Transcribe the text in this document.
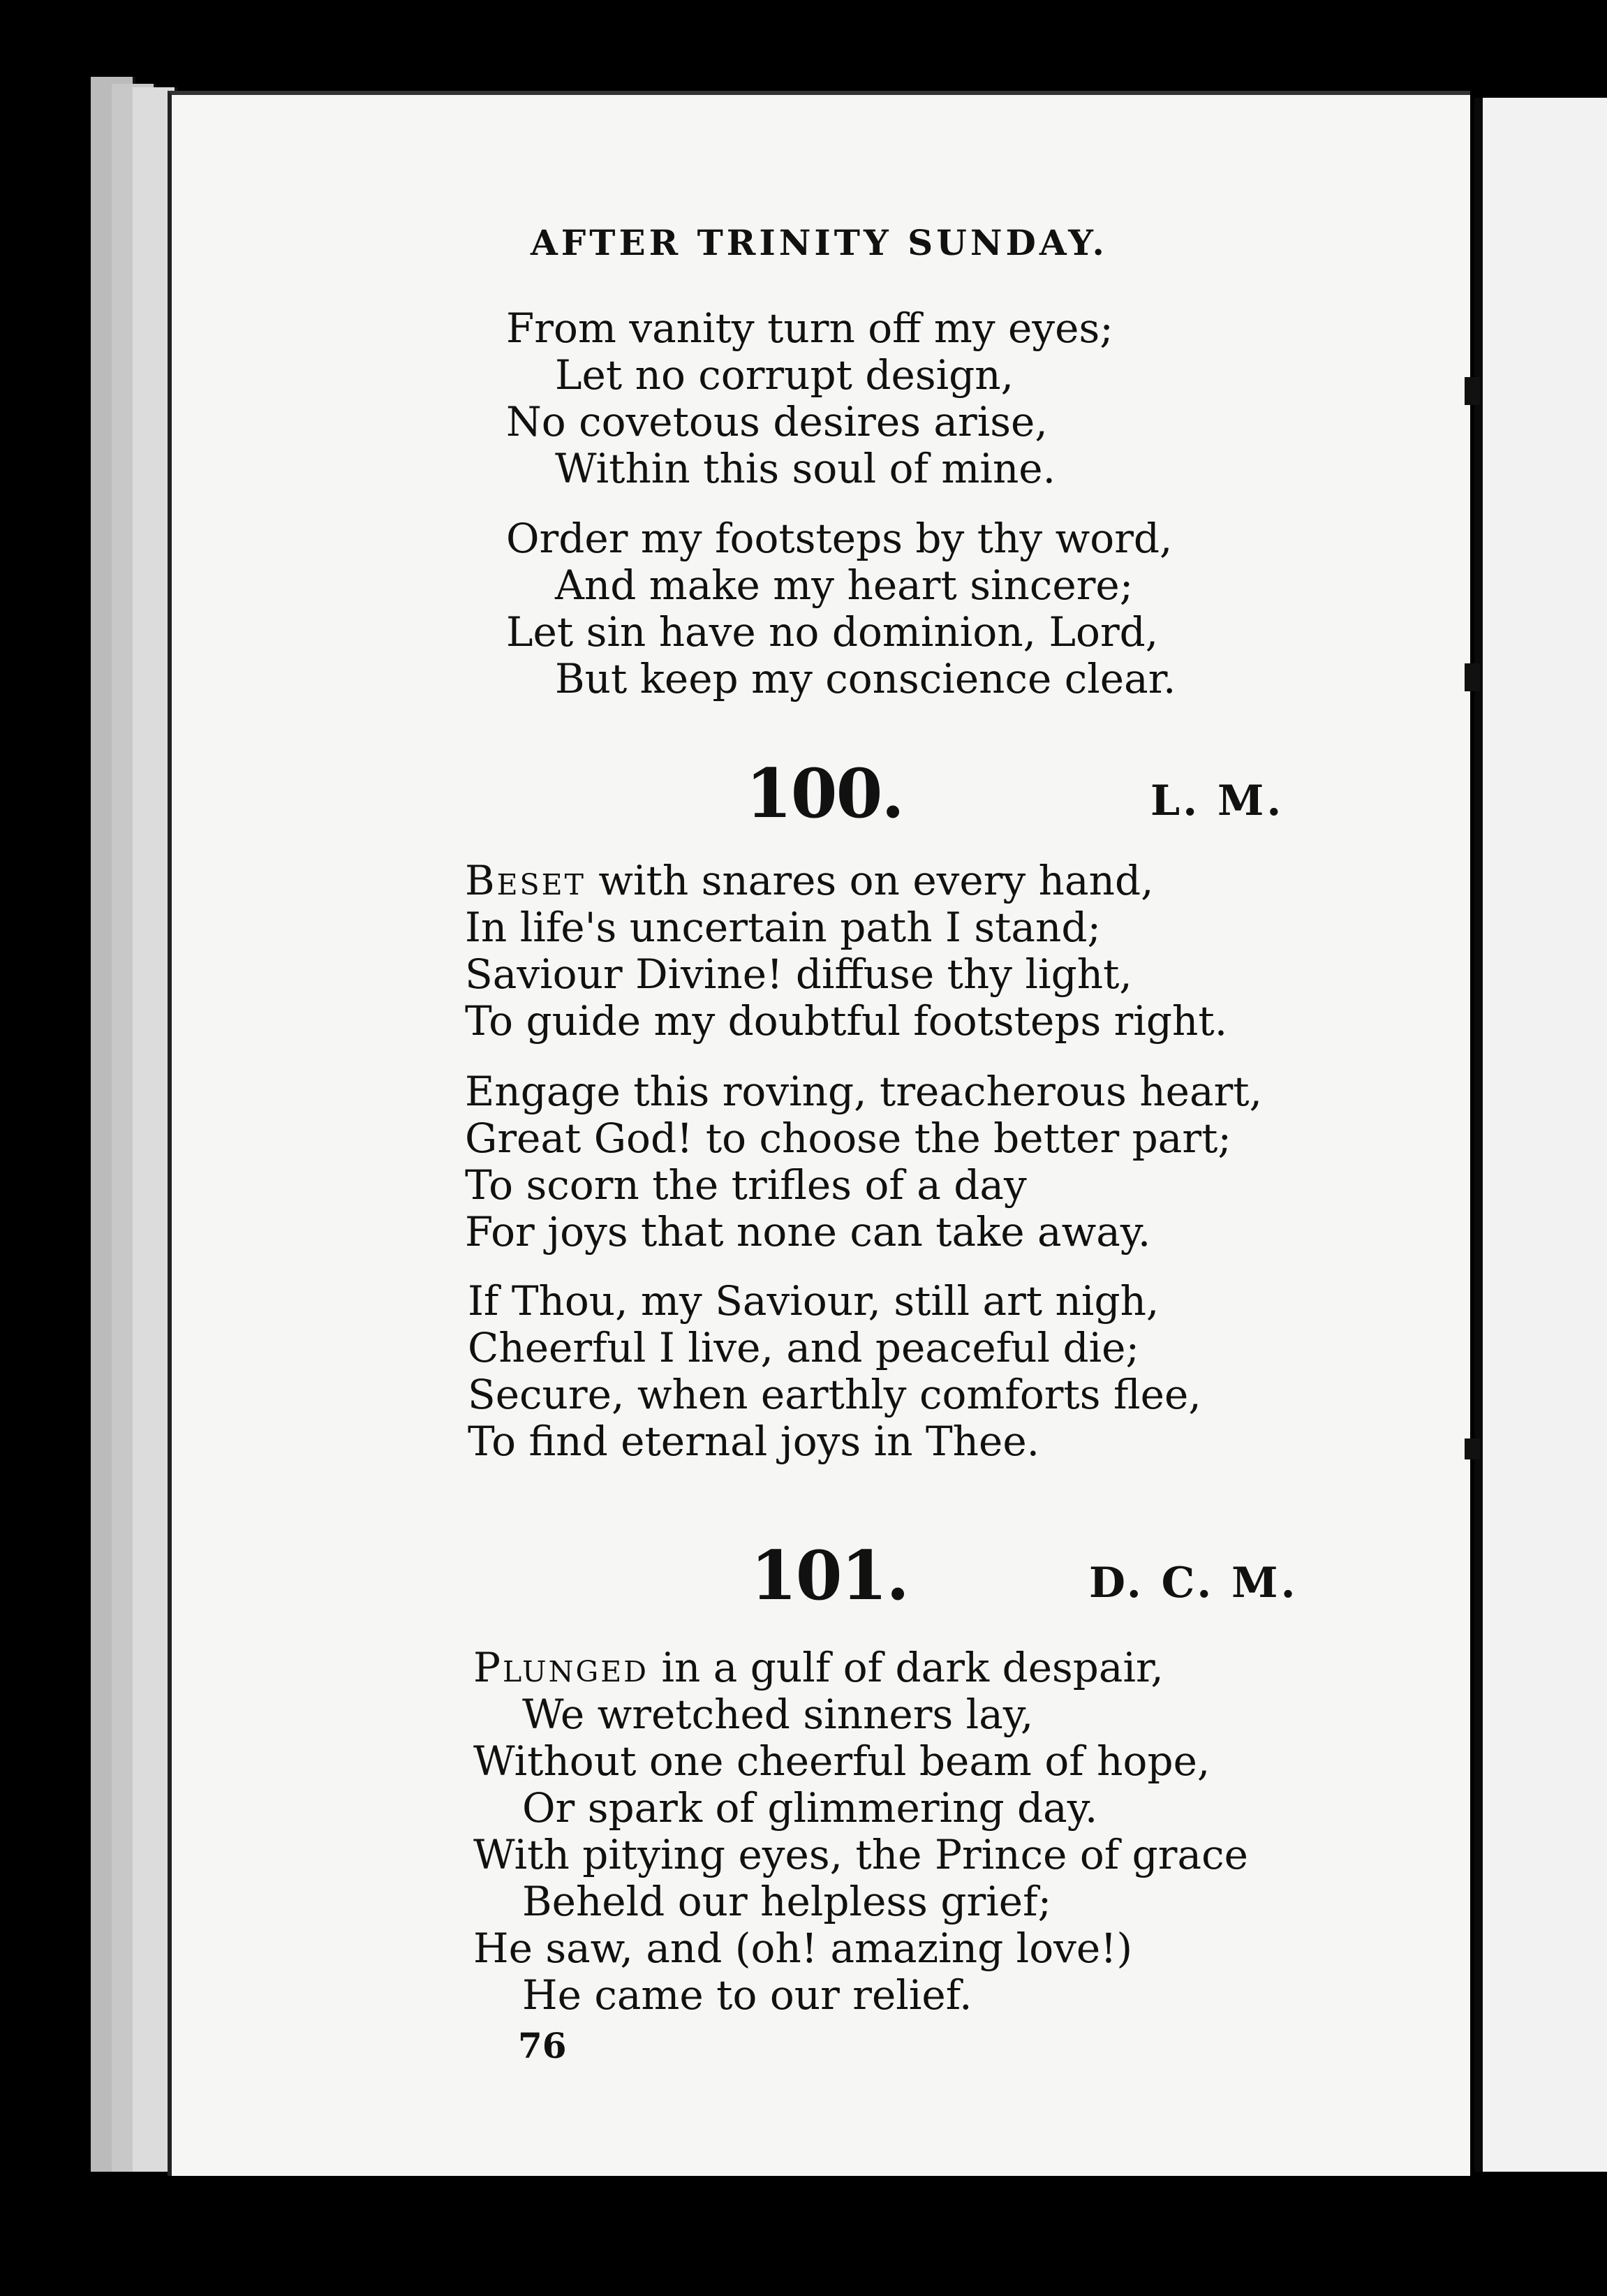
AFTER TRINITY SUNDAY.
From vanity turn off my eyes;
Let no corrupt design,
No covetous desires arise,
Within this soul of mine.
Order my footsteps by thy word,
And make my heart sincere;
Let sin have no dominion, Lord,
But keep my conscience clear.
100.	L. M.
Beset with snares on every hand,
In life's uncertain path I stand;
Saviour Divine! diffuse thy light,
To guide my doubtful footsteps right.
Engage this roving, treacherous heart,
Great God! to choose the better part;
To scorn the trifles of a day
For joys that none can take away.
If Thou, my Saviour, still art nigh,
Cheerful I live, and peaceful die;
Secure, when earthly comforts flee,
To find eternal joys in Thee.
101.	D. C. M.
Plunged in a gulf of dark despair,
We wretched sinners lay,
Without one cheerful beam of hope,
Or spark of glimmering day.
With pitying eyes, the Prince of grace
Beheld our helpless grief;
He saw, and (oh! amazing love!)
He came to our relief.
76
